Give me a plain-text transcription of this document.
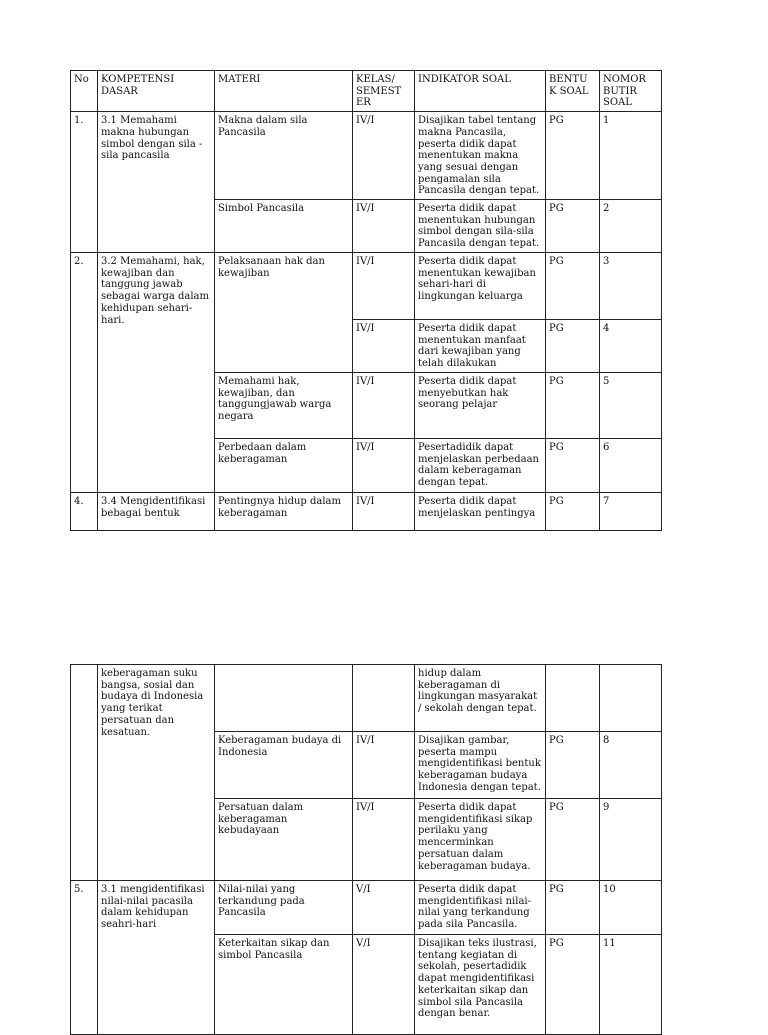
No	KOMPETENSI DASAR	MATERI	KELAS/ SEMEST ER	INDIKATOR SOAL	BENTU K SOAL	NOMOR BUTIR SOAL
1.	3.1 Memahami makna hubungan simbol dengan sila -sila pancasila	Makna dalam sila Pancasila	IV/I	Disajikan tabel tentang makna Pancasila, peserta didik dapat menentukan makna yang sesuai dengan pengamalan sila Pancasila dengan tepat.	PG	1
		Simbol Pancasila	IV/I	Peserta didik dapat menentukan hubungan simbol dengan sila-sila Pancasila dengan tepat.	PG	2
2.	3.2 Memahami, hak, kewajiban dan tanggung jawab sebagai warga dalam kehidupan sehari-hari.	Pelaksanaan hak dan kewajiban	IV/I	Peserta didik dapat menentukan kewajiban sehari-hari di lingkungan keluarga	PG	3
			IV/I	Peserta didik dapat menentukan manfaat dari kewajiban yang telah dilakukan	PG	4
		Memahami hak, kewajiban, dan tanggungjawab warga negara	IV/I	Peserta didik dapat menyebutkan hak seorang pelajar	PG	5
		Perbedaan dalam keberagaman	IV/I	Pesertadidik dapat menjelaskan perbedaan dalam keberagaman dengan tepat.	PG	6
4.	3.4 Mengidentifikasi bebagai bentuk	Pentingnya hidup dalam keberagaman	IV/I	Peserta didik dapat menjelaskan pentingya	PG	7
	keberagaman suku bangsa, sosial dan budaya di Indonesia yang terikat persatuan dan kesatuan.			hidup dalam keberagaman di lingkungan masyarakat / sekolah dengan tepat.		
		Keberagaman budaya di Indonesia	IV/I	Disajikan gambar, peserta mampu mengidentifikasi bentuk keberagaman budaya Indonesia dengan tepat.	PG	8
		Persatuan dalam keberagaman kebudayaan	IV/I	Peserta didik dapat mengidentifikasi sikap perilaku yang mencerminkan persatuan dalam keberagaman budaya.	PG	9
5.	3.1 mengidentifikasi nilai-nilai pacasila dalam kehidupan seahri-hari	Nilai-nilai yang terkandung pada Pancasila	V/I	Peserta didik dapat mengidentifikasi nilai-nilai yang terkandung pada sila Pancasila.	PG	10
		Keterkaitan sikap dan simbol Pancasila	V/I	Disajikan teks ilustrasi, tentang kegiatan di sekolah, pesertadidik dapat mengidentifikasi keterkaitan sikap dan simbol sila Pancasila dengan benar.	PG	11
